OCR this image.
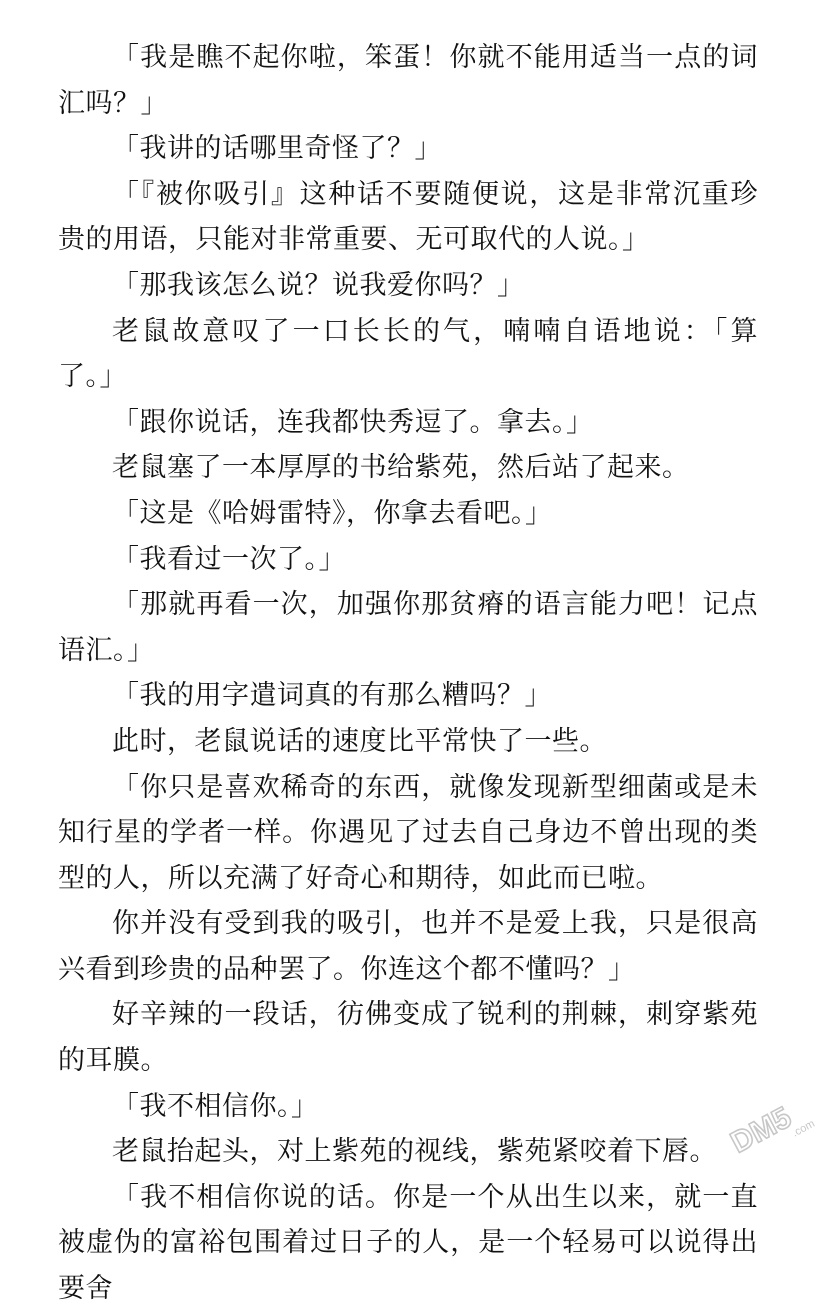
「我是瞧不起你啦，笨蛋！你就不能用适当一点的词汇吗？」

「我讲的话哪里奇怪了？」

「『被你吸引』这种话不要随便说，这是非常沉重珍贵的用语，只能对非常重要、无可取代的人说。」

「那我该怎么说？说我爱你吗？」

老鼠故意叹了一口长长的气，喃喃自语地说：「算了。」

「跟你说话，连我都快秀逗了。拿去。」

老鼠塞了一本厚厚的书给紫苑，然后站了起来。

「这是《哈姆雷特》，你拿去看吧。」

「我看过一次了。」

「那就再看一次，加强你那贫瘠的语言能力吧！记点语汇。」

「我的用字遣词真的有那么糟吗？」

此时，老鼠说话的速度比平常快了一些。

「你只是喜欢稀奇的东西，就像发现新型细菌或是未知行星的学者一样。你遇见了过去自己身边不曾出现的类型的人，所以充满了好奇心和期待，如此而已啦。

你并没有受到我的吸引，也并不是爱上我，只是很高兴看到珍贵的品种罢了。你连这个都不懂吗？」

好辛辣的一段话，彷佛变成了锐利的荆棘，刺穿紫苑的耳膜。

「我不相信你。」

老鼠抬起头，对上紫苑的视线，紫苑紧咬着下唇。

「我不相信你说的话。你是一个从出生以来，就一直被虚伪的富裕包围着过日子的人，是一个轻易可以说得出要舍

DM5
.com
